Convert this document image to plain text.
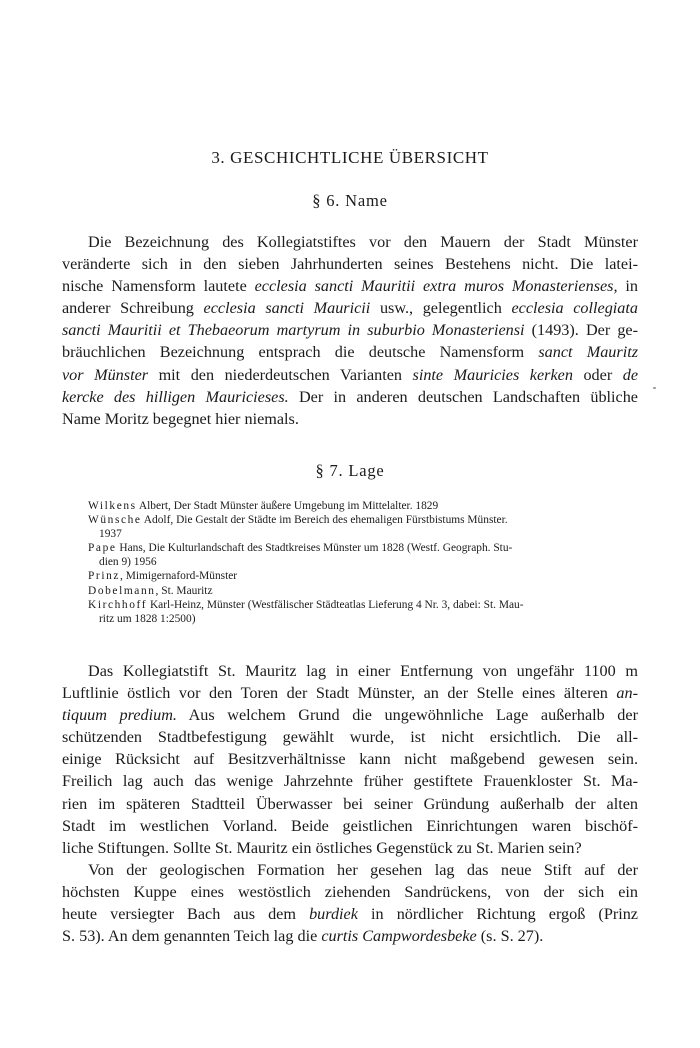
3. GESCHICHTLICHE ÜBERSICHT
§ 6. Name
Die Bezeichnung des Kollegiatstiftes vor den Mauern der Stadt Münster
veränderte sich in den sieben Jahrhunderten seines Bestehens nicht. Die latei-
nische Namensform lautete ecclesia sancti Mauritii extra muros Monasterienses, in
anderer Schreibung ecclesia sancti Mauricii usw., gelegentlich ecclesia collegiata
sancti Mauritii et Thebaeorum martyrum in suburbio Monasteriensi (1493). Der ge-
bräuchlichen Bezeichnung entsprach die deutsche Namensform sanct Mauritz
vor Münster mit den niederdeutschen Varianten sinte Mauricies kerken oder de
kercke des hilligen Mauricieses. Der in anderen deutschen Landschaften übliche
Name Moritz begegnet hier niemals.
§ 7. Lage
Wilkens Albert, Der Stadt Münster äußere Umgebung im Mittelalter. 1829
Wünsche Adolf, Die Gestalt der Städte im Bereich des ehemaligen Fürstbistums Münster.
1937
Pape Hans, Die Kulturlandschaft des Stadtkreises Münster um 1828 (Westf. Geograph. Stu-
dien 9) 1956
Prinz, Mimigernaford-Münster
Dobelmann, St. Mauritz
Kirchhoff Karl-Heinz, Münster (Westfälischer Städteatlas Lieferung 4 Nr. 3, dabei: St. Mau-
ritz um 1828 1:2500)
Das Kollegiatstift St. Mauritz lag in einer Entfernung von ungefähr 1100 m
Luftlinie östlich vor den Toren der Stadt Münster, an der Stelle eines älteren an-
tiquum predium. Aus welchem Grund die ungewöhnliche Lage außerhalb der
schützenden Stadtbefestigung gewählt wurde, ist nicht ersichtlich. Die all-
einige Rücksicht auf Besitzverhältnisse kann nicht maßgebend gewesen sein.
Freilich lag auch das wenige Jahrzehnte früher gestiftete Frauenkloster St. Ma-
rien im späteren Stadtteil Überwasser bei seiner Gründung außerhalb der alten
Stadt im westlichen Vorland. Beide geistlichen Einrichtungen waren bischöf-
liche Stiftungen. Sollte St. Mauritz ein östliches Gegenstück zu St. Marien sein?
Von der geologischen Formation her gesehen lag das neue Stift auf der
höchsten Kuppe eines westöstlich ziehenden Sandrückens, von der sich ein
heute versiegter Bach aus dem burdiek in nördlicher Richtung ergoß (Prinz
S. 53). An dem genannten Teich lag die curtis Campwordesbeke (s. S. 27).
